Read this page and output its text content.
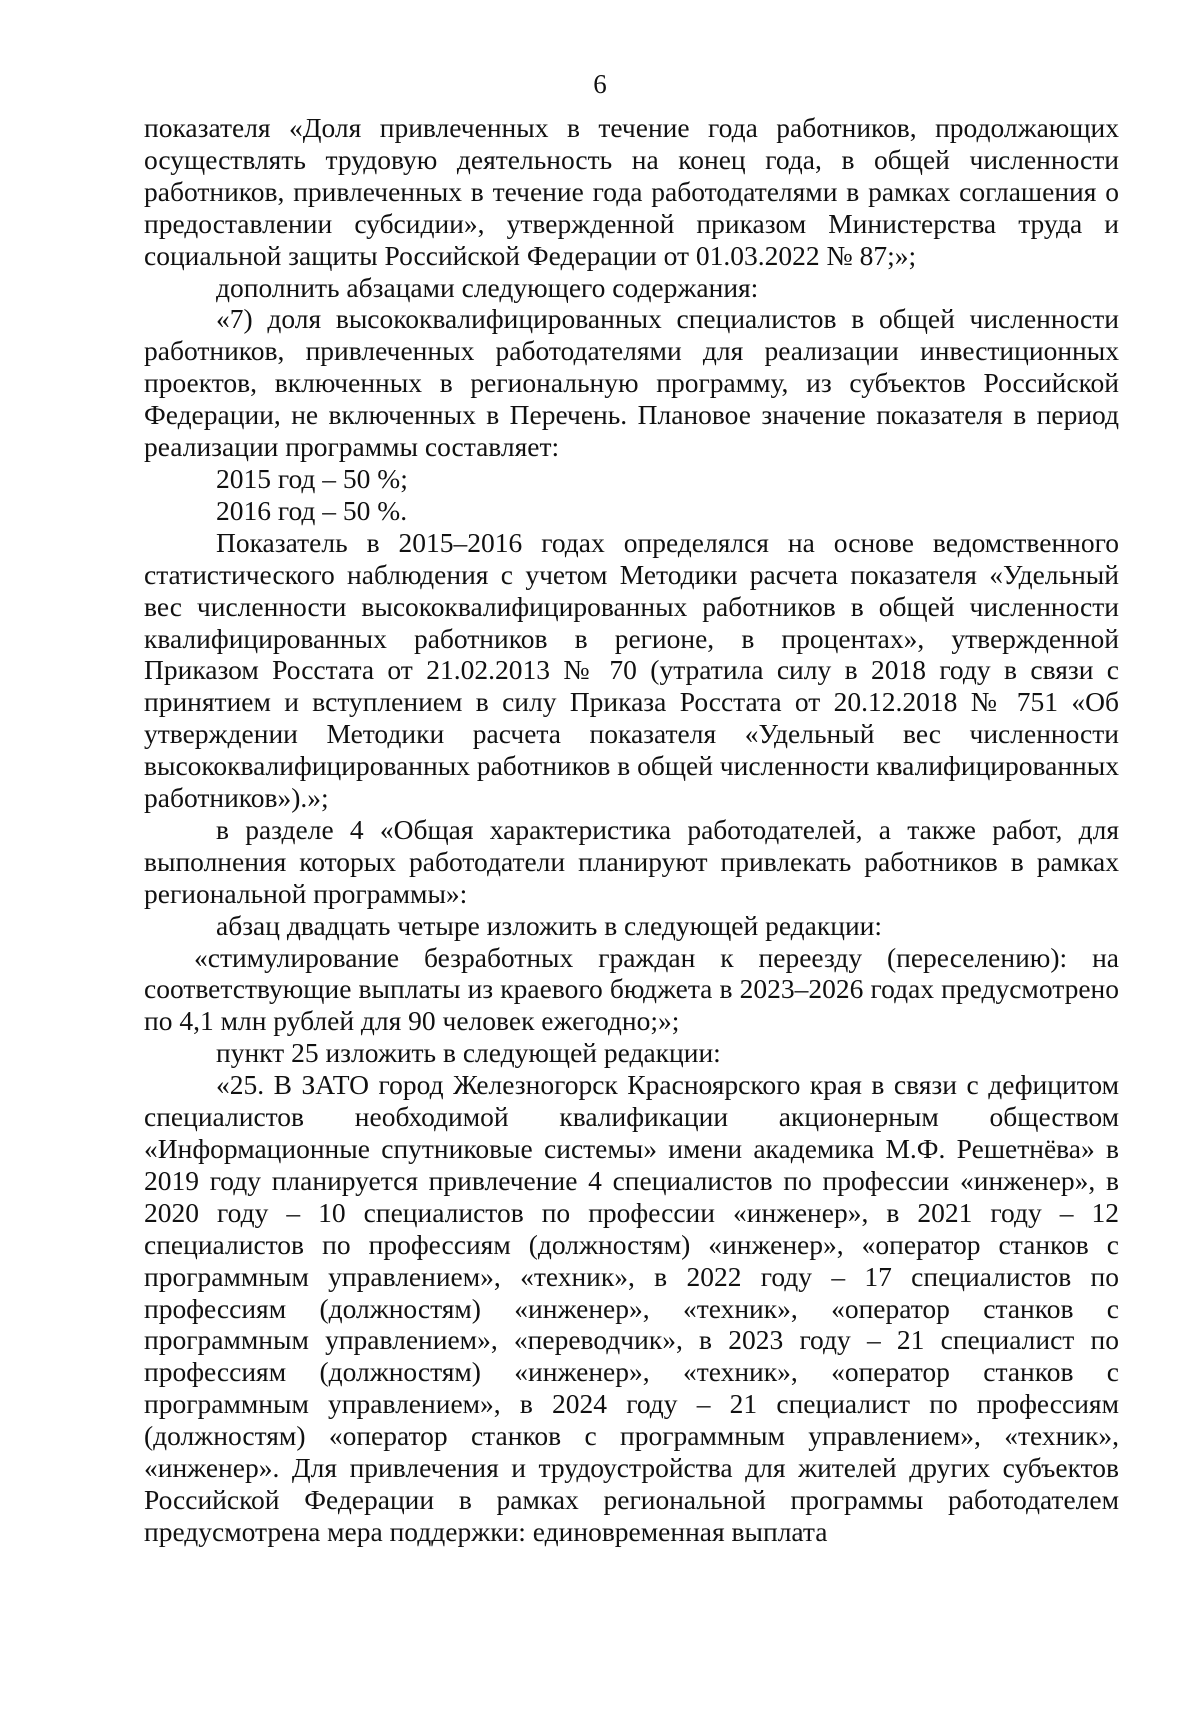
6

показателя «Доля привлеченных в течение года работников, продолжающих осуществлять трудовую деятельность на конец года, в общей численности работников, привлеченных в течение года работодателями в рамках соглашения о предоставлении субсидии», утвержденной приказом Министерства труда и социальной защиты Российской Федерации от 01.03.2022 № 87;»;

дополнить абзацами следующего содержания:

«7) доля высококвалифицированных специалистов в общей численности работников, привлеченных работодателями для реализации инвестиционных проектов, включенных в региональную программу, из субъектов Российской Федерации, не включенных в Перечень. Плановое значение показателя в период реализации программы составляет:

2015 год – 50 %;

2016 год – 50 %.

Показатель в 2015–2016 годах определялся на основе ведомственного статистического наблюдения с учетом Методики расчета показателя «Удельный вес численности высококвалифицированных работников в общей численности квалифицированных работников в регионе, в процентах», утвержденной Приказом Росстата от 21.02.2013 № 70 (утратила силу в 2018 году в связи с принятием и вступлением в силу Приказа Росстата от 20.12.2018 № 751 «Об утверждении Методики расчета показателя «Удельный вес численности высококвалифицированных работников в общей численности квалифицированных работников»).»;

в разделе 4 «Общая характеристика работодателей, а также работ, для выполнения которых работодатели планируют привлекать работников в рамках региональной программы»:

абзац двадцать четыре изложить в следующей редакции:

«стимулирование безработных граждан к переезду (переселению): на соответствующие выплаты из краевого бюджета в 2023–2026 годах предусмотрено по 4,1 млн рублей для 90 человек ежегодно;»;

пункт 25 изложить в следующей редакции:

«25. В ЗАТО город Железногорск Красноярского края в связи с дефицитом специалистов необходимой квалификации акционерным обществом «Информационные спутниковые системы» имени академика М.Ф. Решетнёва» в 2019 году планируется привлечение 4 специалистов по профессии «инженер», в 2020 году – 10 специалистов по профессии «инженер», в 2021 году – 12 специалистов по профессиям (должностям) «инженер», «оператор станков с программным управлением», «техник», в 2022 году – 17 специалистов по профессиям (должностям) «инженер», «техник», «оператор станков с программным управлением», «переводчик», в 2023 году – 21 специалист по профессиям (должностям) «инженер», «техник», «оператор станков с программным управлением», в 2024 году – 21 специалист по профессиям (должностям) «оператор станков с программным управлением», «техник», «инженер». Для привлечения и трудоустройства для жителей других субъектов Российской Федерации в рамках региональной программы работодателем предусмотрена мера поддержки: единовременная выплата
